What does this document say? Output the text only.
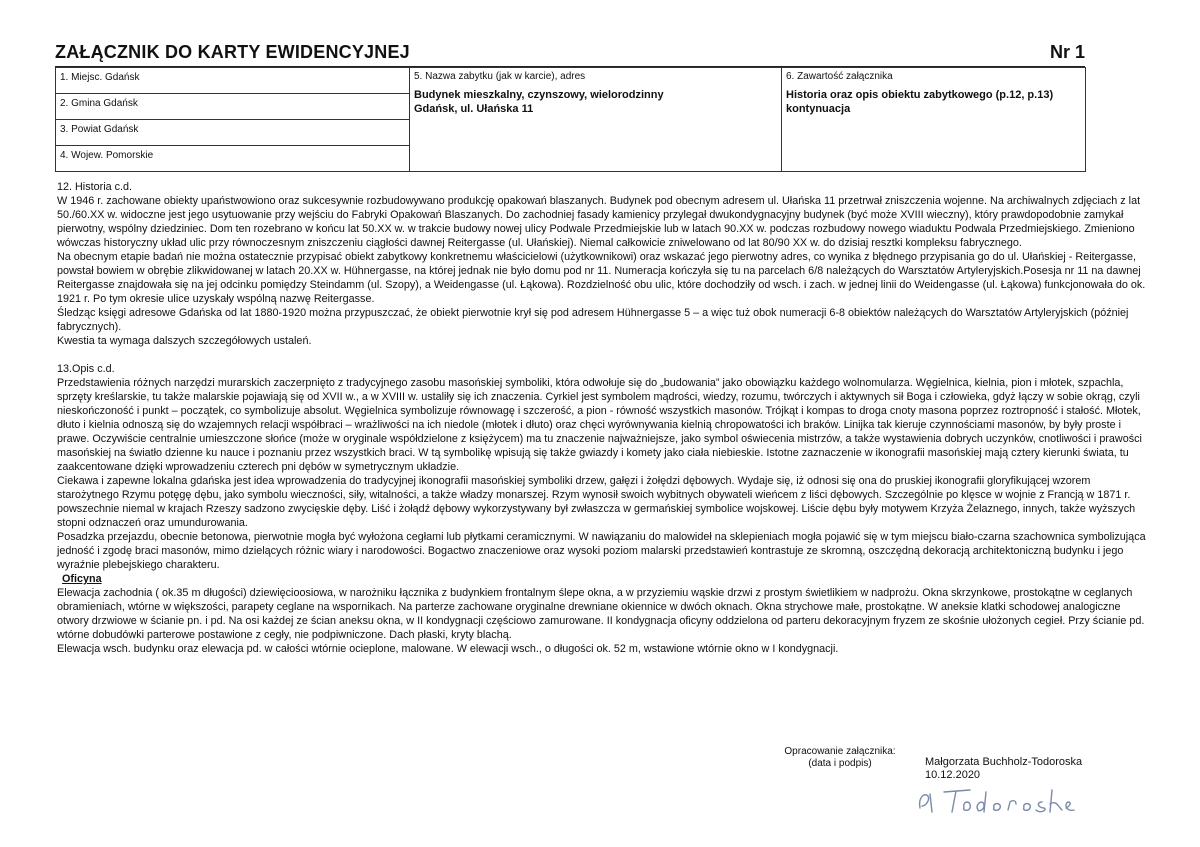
ZAŁĄCZNIK DO KARTY EWIDENCYJNEJ	Nr 1
1. Miejsc. Gdańsk	5. Nazwa zabytku (jak w karcie), adres
Budynek mieszkalny, czynszowy, wielorodzinny
Gdańsk, ul. Ułańska 11

6. Zawartość załącznika
Historia oraz opis obiektu zabytkowego (p.12, p.13)
kontynuacja

2. Gmina Gdańsk
3. Powiat Gdańsk
4. Wojew. Pomorskie

12. Historia c.d.

W 1946 r. zachowane obiekty upaństwowiono oraz sukcesywnie rozbudowywano produkcję opakowań blaszanych. Budynek pod obecnym adresem ul. Ułańska 11 przetrwał zniszczenia wojenne. Na archiwalnych zdjęciach z lat 50./60.XX w. widoczne jest jego usytuowanie przy wejściu do Fabryki Opakowań Blaszanych. Do zachodniej fasady kamienicy przylegał dwukondygnacyjny budynek (być może XVIII wieczny), który prawdopodobnie zamykał pierwotny, wspólny dziedziniec. Dom ten rozebrano w końcu lat 50.XX w. w trakcie budowy nowej ulicy Podwale Przedmiejskie lub w latach 90.XX w. podczas rozbudowy nowego wiaduktu Podwala Przedmiejskiego. Zmieniono wówczas historyczny układ ulic przy równoczesnym zniszczeniu ciągłości dawnej Reitergasse (ul. Ułańskiej). Niemal całkowicie zniwelowano od lat 80/90 XX w. do dzisiaj resztki kompleksu fabrycznego.

Na obecnym etapie badań nie można ostatecznie przypisać obiekt zabytkowy konkretnemu właścicielowi (użytkownikowi) oraz wskazać jego pierwotny adres, co wynika z błędnego przypisania go do ul. Ułańskiej - Reitergasse, powstał bowiem w obrębie zlikwidowanej w latach 20.XX w. Hühnergasse, na której jednak nie było domu pod nr 11. Numeracja kończyła się tu na parcelach 6/8 należących do Warsztatów Artyleryjskich.Posesja nr 11 na dawnej Reitergasse znajdowała się na jej odcinku pomiędzy Steindamm (ul. Szopy), a Weidengasse (ul. Łąkowa). Rozdzielność obu ulic, które dochodziły od wsch. i zach. w jednej linii do Weidengasse (ul. Łąkowa) funkcjonowała do ok. 1921 r. Po tym okresie ulice uzyskały wspólną nazwę Reitergasse.

Śledząc księgi adresowe Gdańska od lat 1880-1920 można przypuszczać, że obiekt pierwotnie krył się pod adresem Hühnergasse 5 – a więc tuż obok numeracji 6-8 obiektów należących do Warsztatów Artyleryjskich (później fabrycznych).

Kwestia ta wymaga dalszych szczegółowych ustaleń.

13.Opis c.d.

Przedstawienia różnych narzędzi murarskich zaczerpnięto z tradycyjnego zasobu masońskiej symboliki, która odwołuje się do „budowania” jako obowiązku każdego wolnomularza. Węgielnica, kielnia, pion i młotek, szpachla, sprzęty kreślarskie, tu także malarskie pojawiają się od XVII w., a w XVIII w. ustaliły się ich znaczenia. Cyrkiel jest symbolem mądrości, wiedzy, rozumu, twórczych i aktywnych sił Boga i człowieka, gdyż łączy w sobie okrąg, czyli nieskończoność i punkt – początek, co symbolizuje absolut. Węgielnica symbolizuje równowagę i szczerość, a pion - równość wszystkich masonów. Trójkąt i kompas to droga cnoty masona poprzez roztropność i stałość. Młotek, dłuto i kielnia odnoszą się do wzajemnych relacji współbraci – wrażliwości na ich niedole (młotek i dłuto) oraz chęci wyrównywania kielnią chropowatości ich braków. Linijka tak kieruje czynnościami masonów, by były proste i prawe. Oczywiście centralnie umieszczone słońce (może w oryginale współdzielone z księżycem) ma tu znaczenie najważniejsze, jako symbol oświecenia mistrzów, a także wystawienia dobrych uczynków, cnotliwości i prawości masońskiej na światło dzienne ku nauce i poznaniu przez wszystkich braci. W tą symbolikę wpisują się także gwiazdy i komety jako ciała niebieskie. Istotne zaznaczenie w ikonografii masońskiej mają cztery kierunki świata, tu zaakcentowane dzięki wprowadzeniu czterech pni dębów w symetrycznym układzie.

Ciekawa i zapewne lokalna gdańska jest idea wprowadzenia do tradycyjnej ikonografii masońskiej symboliki drzew, gałęzi i żołędzi dębowych. Wydaje się, iż odnosi się ona do pruskiej ikonografii gloryfikującej wzorem starożytnego Rzymu potęgę dębu, jako symbolu wieczności, siły, witalności, a także władzy monarszej. Rzym wynosił swoich wybitnych obywateli wieńcem z liści dębowych. Szczególnie po klęsce w wojnie z Francją w 1871 r. powszechnie niemal w krajach Rzeszy sadzono zwycięskie dęby. Liść i żołądź dębowy wykorzystywany był zwłaszcza w germańskiej symbolice wojskowej. Liście dębu były motywem Krzyża Żelaznego, innych, także wyższych stopni odznaczeń oraz umundurowania.

Posadzka przejazdu, obecnie betonowa, pierwotnie mogła być wyłożona cegłami lub płytkami ceramicznymi. W nawiązaniu do malowideł na sklepieniach mogła pojawić się w tym miejscu biało-czarna szachownica symbolizująca jedność i zgodę braci masonów, mimo dzielących różnic wiary i narodowości. Bogactwo znaczeniowe oraz wysoki poziom malarski przedstawień kontrastuje ze skromną, oszczędną dekoracją architektoniczną budynku i jego wyraźnie plebejskiego charakteru.

Oficyna

Elewacja zachodnia ( ok.35 m długości) dziewięcioosiowa, w narożniku łącznika z budynkiem frontalnym ślepe okna, a w przyziemiu wąskie drzwi z prostym świetlikiem w nadprożu. Okna skrzynkowe, prostokątne w ceglanych obramieniach, wtórne w większości, parapety ceglane na wspornikach. Na parterze zachowane oryginalne drewniane okiennice w dwóch oknach. Okna strychowe małe, prostokątne. W aneksie klatki schodowej analogiczne otwory drzwiowe w ścianie pn. i pd. Na osi każdej ze ścian aneksu okna, w II kondygnacji częściowo zamurowane. II kondygnacja oficyny oddzielona od parteru dekoracyjnym fryzem ze skośnie ułożonych cegieł. Przy ścianie pd. wtórne dobudówki parterowe postawione z cegły, nie podpiwniczone. Dach płaski, kryty blachą.

Elewacja wsch. budynku oraz elewacja pd. w całości wtórnie ocieplone, malowane. W elewacji wsch., o długości ok. 52 m, wstawione wtórnie okno w I kondygnacji.

Opracowanie załącznika:
(data i podpis)	Małgorzata Buchholz-Todoroska
10.12.2020
